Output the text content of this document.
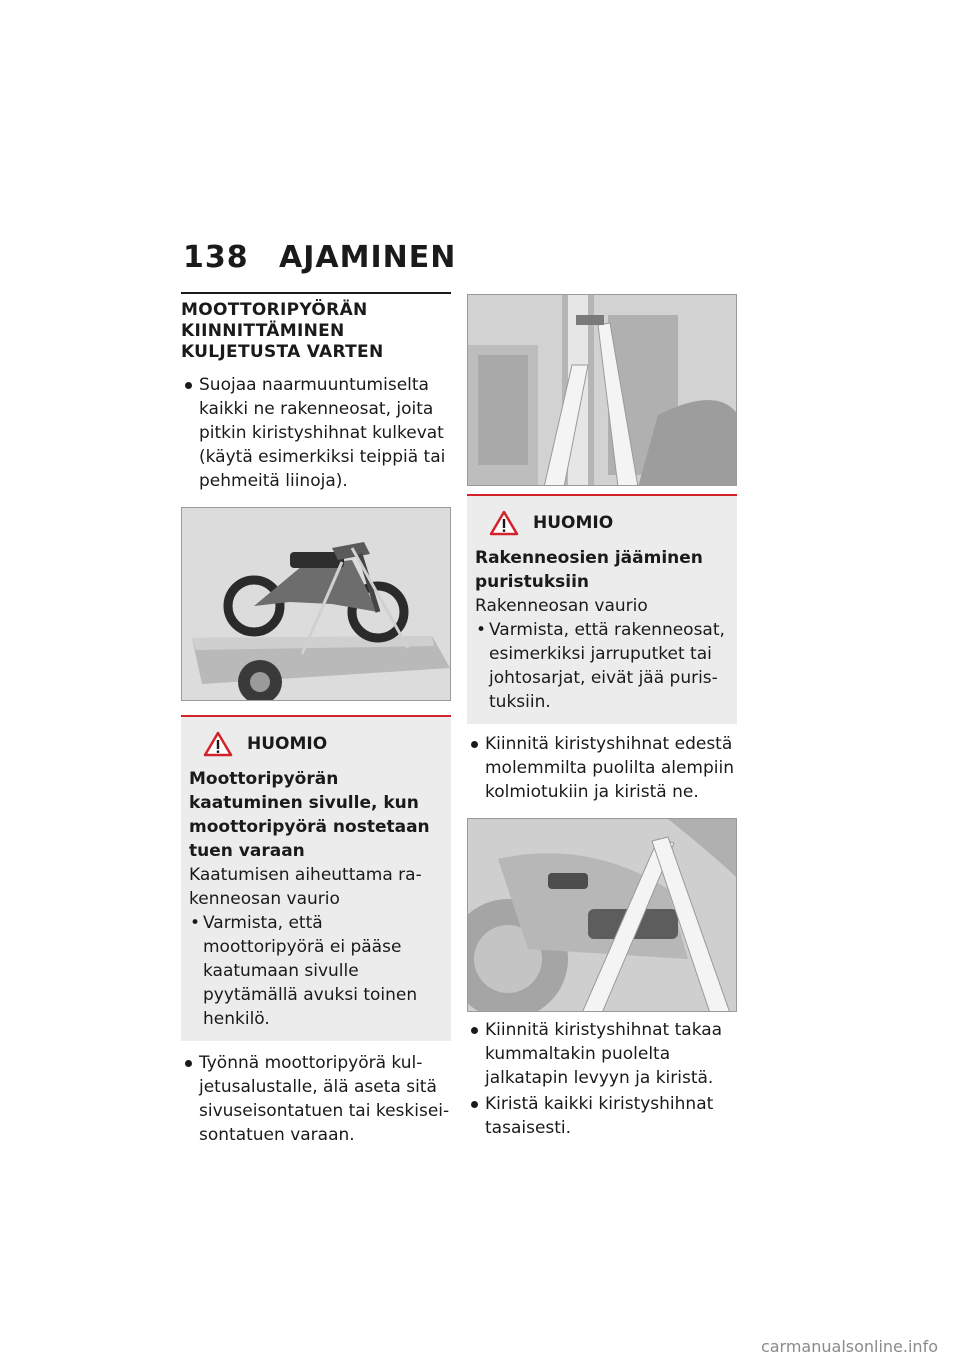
138 AJAMINEN
MOOTTORIPYÖRÄN KIINNITTÄMINEN KULJETUSTA VARTEN
Suojaa naarmuuntumiselta kaikki ne rakenneosat, joita pitkin kiristyshihnat kulkevat (käytä esimerkiksi teippiä tai pehmeitä liinoja).
HUOMIO
Moottoripyörän kaatuminen sivulle, kun moottoripyörä nostetaan tuen varaan
Kaatumisen aiheuttama rakenneosan vaurio
• Varmista, että moottoripyörä ei pääse kaatumaan sivulle pyytämällä avuksi toinen henkilö.
Työnnä moottoripyörä kuljetusalustalle, älä aseta sitä sivuseisontatuen tai keskiseisontatuen varaan.
HUOMIO
Rakenneosien jääminen puristuksiin
Rakenneosan vaurio
• Varmista, että rakenneosat, esimerkiksi jarruputket tai johtosarjat, eivät jää puristuksiin.
Kiinnitä kiristyshihnat edestä molemmilta puolilta alempiin kolmiotukiin ja kiristä ne.
Kiinnitä kiristyshihnat takaa kummaltakin puolelta jalkatapin levyyn ja kiristä.
Kiristä kaikki kiristyshihnat tasaisesti.
carmanualsonline.info
